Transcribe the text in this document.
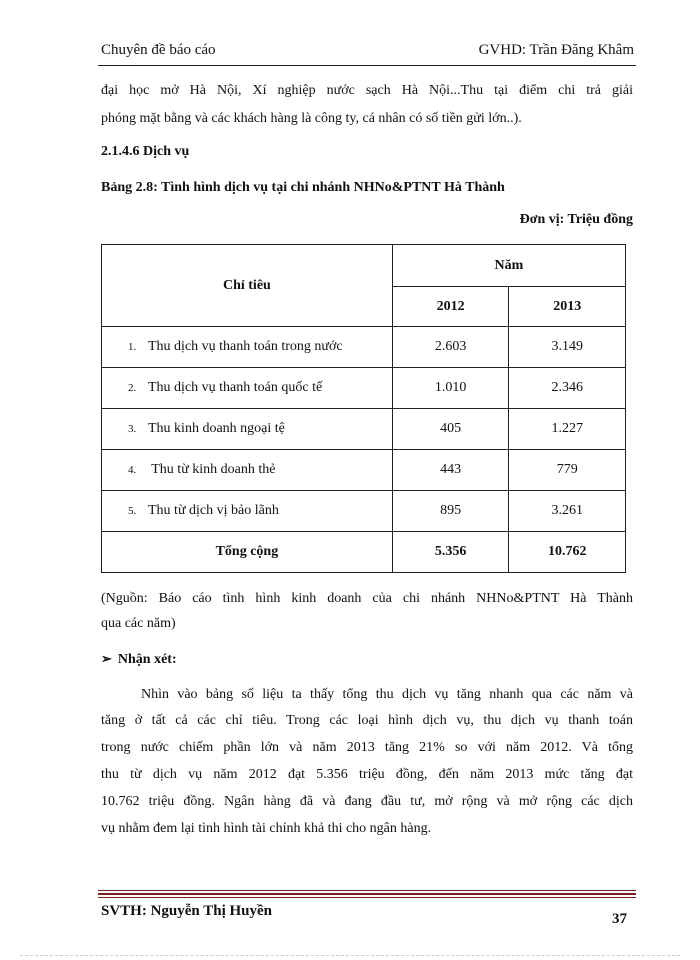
Chuyên đề báo cáo	GVHD: Trần Đăng Khâm
đại học mở Hà Nội, Xí nghiệp nước sạch Hà Nội...Thu tại điểm chi trả giải
phóng mặt bằng và các khách hàng là công ty, cá nhân có số tiền gửi lớn..).
2.1.4.6 Dịch vụ
Bảng 2.8: Tình hình dịch vụ tại chi nhánh NHNo&PTNT Hà Thành
Đơn vị: Triệu đồng
Chỉ tiêu	Năm	
	2012	2013
1. Thu dịch vụ thanh toán trong nước	2.603	3.149
2. Thu dịch vụ thanh toán quốc tế	1.010	2.346
3. Thu kinh doanh ngoại tệ	405	1.227
4. Thu từ kinh doanh thẻ	443	779
5. Thu từ dịch vị bảo lãnh	895	3.261
Tổng cộng	5.356	10.762
(Nguồn: Báo cáo tình hình kinh doanh của chi nhánh NHNo&PTNT Hà Thành
qua các năm)
➢ Nhận xét:
Nhìn vào bảng số liệu ta thấy tổng thu dịch vụ tăng nhanh qua các năm và
tăng ở tất cả các chỉ tiêu. Trong các loại hình dịch vụ, thu dịch vụ thanh toán
trong nước chiếm phần lớn và năm 2013 tăng 21% so với năm 2012. Và tổng
thu từ dịch vụ năm 2012 đạt 5.356 triệu đồng, đến năm 2013 mức tăng đạt
10.762 triệu đồng. Ngân hàng đã và đang đầu tư, mở rộng và mở rộng các dịch
vụ nhằm đem lại tình hình tài chính khả thi cho ngân hàng.
SVTH: Nguyễn Thị Huyền	37
